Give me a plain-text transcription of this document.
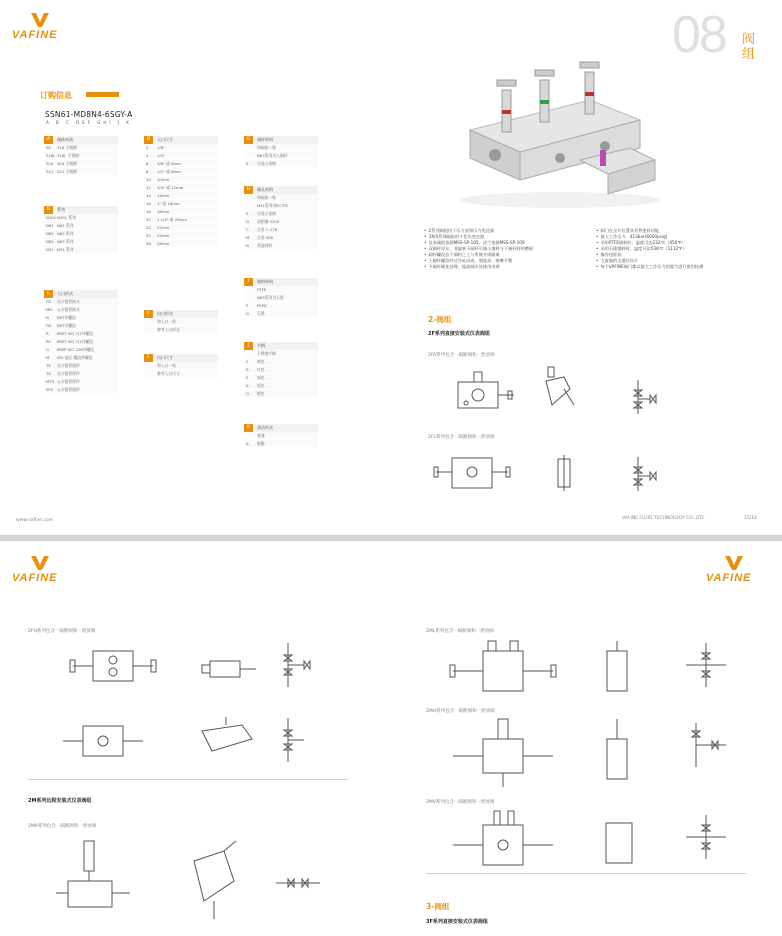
VAFINE	08 阀组
订购信息
SSN61-MD8N4-6SGY-A
A B C DEF GHI J K
A	阀体材质
SS	316 不锈钢
316L 316L 不锈钢
304 304 不锈钢
321 321 不锈钢
B	系列
N101 N101 系列
N61 N61 系列
N62 N62 系列
N63 N63 系列
N31 N31 系列
C	入口形式
FD	双卡套管接头
MD	公卡套管接头
N	NPT外螺纹
FN	NPT内螺纹
R	BSPT ISO 7/1外螺纹
RC	BSPT ISO 7/1内螺纹
G	BSPP ISO 228外螺纹
M	ISO 地区 螺纹外螺纹
TS	双卡套管插件
T8	双卡套管焊件
MTS 公卡套管焊件
SFS	公卡套管插件
D	入口尺寸
2	1/8"
4	1/4"
6	3/8" 或 6mm
8	1/2" 或 8mm
10	10mm
12	3/4" 或 12mm
14	14mm
16	1" 或 16mm
18	18mm
20	1 1/4" 或 20mm
22	22mm
25	25mm
28	28mm
E	出口形式
和入口一致
参考入口形式
F	出口尺寸
和入口一致
参考入口尺寸
G	阀杆材料
和阀体一致
N63系列为入阀杆
S	可选合金钢
H	阀孔材料
和阀体一致
N31系列为PCTFE
S	可选合金钢
D	双相钢 2205
C	合金 C-276
M	合金 400
N	其他材料
I	填料材料
PTFE
N63系列为石墨
P	PEEK
G	石墨
J	手柄
不锈钢手柄
Y	黄色
R	红色
E	绿色
K	黑色
O	橙色
K	清洁形式
普通
A	脱脂
• 2系列阀组用于压力表和压力变送器
• 3和5系列阀组用于差压变送器
• 仪表阀组依据MSS-SP-105、法兰依据MSS-SP-109
• 双阀杆设计，非旋转下阀杆可减小填料与下阀杆间的磨损
• 阀杆螺纹位于填料之上与系统介质隔离
• 上阀杆螺纹经过冷轧而成，强度高、耐磨平整
• 下阀杆硬化处理，提高阀头处使用寿命
• 阀门在全开位置具有背密封功能
• 最大工作压力：413bar(6000psig)
• 采用PTFE填料时，温度可达232℃（450℉）
• 采用石墨填料时，温度可达538℃（1112℉）
• 操作扭矩低
• 大流量的全通径设计
• 每个VAFINE阀门都以最大工作压力的氮气进行密封检测
2-阀组
2F系列直接安装式仪表阀组
2FA系列包含一隔断阀和一泄放阀
2FL系列包含一隔断阀和一泄放阀
www.vafine.com	VAFINE FLUID TECHNOLOGY CO.,LTD.	15/16
VAFINE	VAFINE
2FH系列包含一隔断阀和一泄放阀
2M系列远程安装式仪表阀组
2MA系列包含一隔断阀和一泄放阀
2ML系列包含一隔断阀和一泄放阀
2MH系列包含一隔断阀和一泄放阀
2MV系列包含一隔断阀和一泄放阀
3-阀组
3F系列直接安装式仪表阀组
